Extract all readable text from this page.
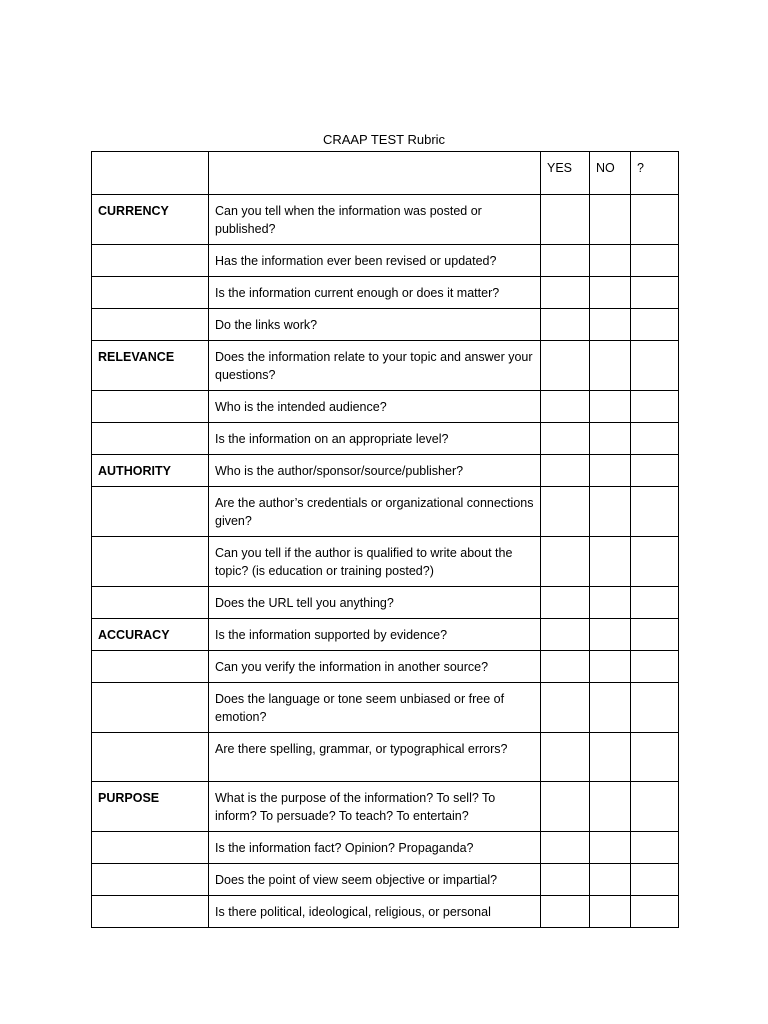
CRAAP TEST Rubric
		YES	NO	?
CURRENCY	Can you tell when the information was posted or published?			
	Has the information ever been revised or updated?			
	Is the information current enough or does it matter?			
	Do the links work?			
RELEVANCE	Does the information relate to your topic and answer your questions?			
	Who is the intended audience?			
	Is the information on an appropriate level?			
AUTHORITY	Who is the author/sponsor/source/publisher?			
	Are the author’s credentials or organizational connections given?			
	Can you tell if the author is qualified to write about the topic? (is education or training posted?)			
	Does the URL tell you anything?			
ACCURACY	Is the information supported by evidence?			
	Can you verify the information in another source?			
	Does the language or tone seem unbiased or free of emotion?			
	Are there spelling, grammar, or typographical errors?			
PURPOSE	What is the purpose of the information? To sell? To inform? To persuade? To teach? To entertain?			
	Is the information fact? Opinion? Propaganda?			
	Does the point of view seem objective or impartial?			
	Is there political, ideological, religious, or personal			
